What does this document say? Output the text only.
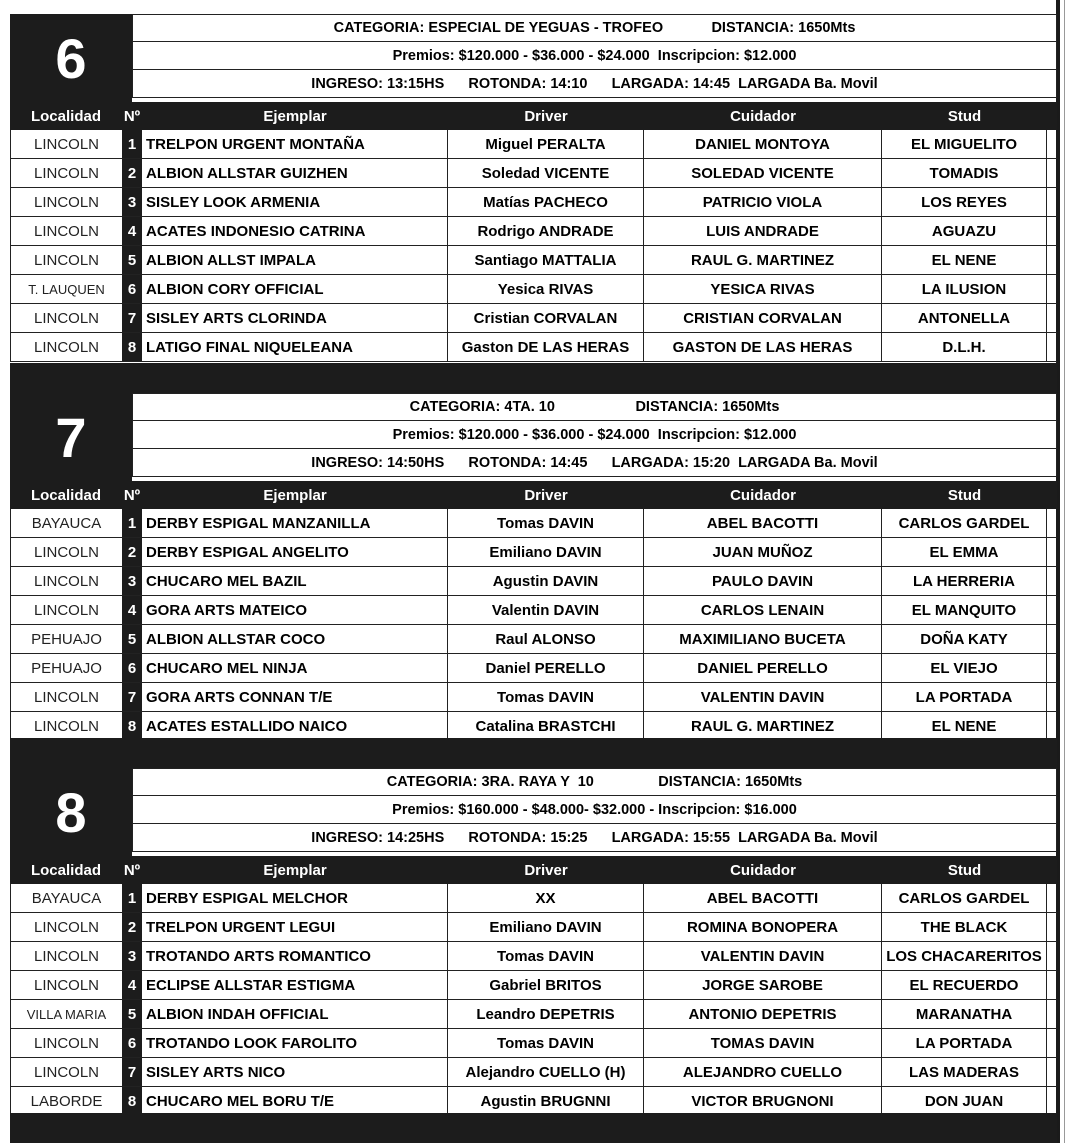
6	CATEGORIA: ESPECIAL DE YEGUAS - TROFEO            DISTANCIA: 1650Mts
Premios: $120.000 - $36.000 - $24.000  Inscripcion: $12.000
INGRESO: 13:15HS      ROTONDA: 14:10      LARGADA: 14:45  LARGADA Ba. Movil
Localidad	Nº	Ejemplar	Driver	Cuidador	Stud
LINCOLN	1 TRELPON URGENT MONTAÑA	Miguel PERALTA	DANIEL MONTOYA	EL MIGUELITO
LINCOLN	2 ALBION ALLSTAR GUIZHEN	Soledad VICENTE	SOLEDAD VICENTE	TOMADIS
LINCOLN	3 SISLEY LOOK ARMENIA	Matías PACHECO	PATRICIO VIOLA	LOS REYES
LINCOLN	4 ACATES INDONESIO CATRINA	Rodrigo ANDRADE	LUIS ANDRADE	AGUAZU
LINCOLN	5 ALBION ALLST IMPALA	Santiago MATTALIA	RAUL G. MARTINEZ	EL NENE
T. LAUQUEN	6 ALBION CORY OFFICIAL	Yesica RIVAS	YESICA RIVAS	LA ILUSION
LINCOLN	7 SISLEY ARTS CLORINDA	Cristian CORVALAN	CRISTIAN CORVALAN	ANTONELLA
LINCOLN	8 LATIGO FINAL NIQUELEANA	Gaston DE LAS HERAS	GASTON DE LAS HERAS	D.L.H.
7	CATEGORIA: 4TA. 10                    DISTANCIA: 1650Mts
Premios: $120.000 - $36.000 - $24.000  Inscripcion: $12.000
INGRESO: 14:50HS      ROTONDA: 14:45      LARGADA: 15:20  LARGADA Ba. Movil
Localidad	Nº	Ejemplar	Driver	Cuidador	Stud
BAYAUCA	1 DERBY ESPIGAL MANZANILLA	Tomas DAVIN	ABEL BACOTTI	CARLOS GARDEL
LINCOLN	2 DERBY ESPIGAL ANGELITO	Emiliano DAVIN	JUAN MUÑOZ	EL EMMA
LINCOLN	3 CHUCARO MEL BAZIL	Agustin DAVIN	PAULO DAVIN	LA HERRERIA
LINCOLN	4 GORA ARTS MATEICO	Valentin DAVIN	CARLOS LENAIN	EL MANQUITO
PEHUAJO	5 ALBION ALLSTAR COCO	Raul ALONSO	MAXIMILIANO BUCETA	DOÑA KATY
PEHUAJO	6 CHUCARO MEL NINJA	Daniel PERELLO	DANIEL PERELLO	EL VIEJO
LINCOLN	7 GORA ARTS CONNAN T/E	Tomas DAVIN	VALENTIN DAVIN	LA PORTADA
LINCOLN	8 ACATES ESTALLIDO NAICO	Catalina BRASTCHI	RAUL G. MARTINEZ	EL NENE
8	CATEGORIA: 3RA. RAYA Y  10                DISTANCIA: 1650Mts
Premios: $160.000 - $48.000- $32.000 - Inscripcion: $16.000
INGRESO: 14:25HS      ROTONDA: 15:25      LARGADA: 15:55  LARGADA Ba. Movil
Localidad	Nº	Ejemplar	Driver	Cuidador	Stud
BAYAUCA	1 DERBY ESPIGAL MELCHOR	XX	ABEL BACOTTI	CARLOS GARDEL
LINCOLN	2 TRELPON URGENT LEGUI	Emiliano DAVIN	ROMINA BONOPERA	THE BLACK
LINCOLN	3 TROTANDO ARTS ROMANTICO	Tomas DAVIN	VALENTIN DAVIN	LOS CHACARERITOS
LINCOLN	4 ECLIPSE ALLSTAR ESTIGMA	Gabriel BRITOS	JORGE SAROBE	EL RECUERDO
VILLA MARIA	5 ALBION INDAH OFFICIAL	Leandro DEPETRIS	ANTONIO DEPETRIS	MARANATHA
LINCOLN	6 TROTANDO LOOK FAROLITO	Tomas DAVIN	TOMAS DAVIN	LA PORTADA
LINCOLN	7 SISLEY ARTS NICO	Alejandro CUELLO (H)	ALEJANDRO CUELLO	LAS MADERAS
LABORDE	8 CHUCARO MEL BORU T/E	Agustin BRUGNNI	VICTOR BRUGNONI	DON JUAN
